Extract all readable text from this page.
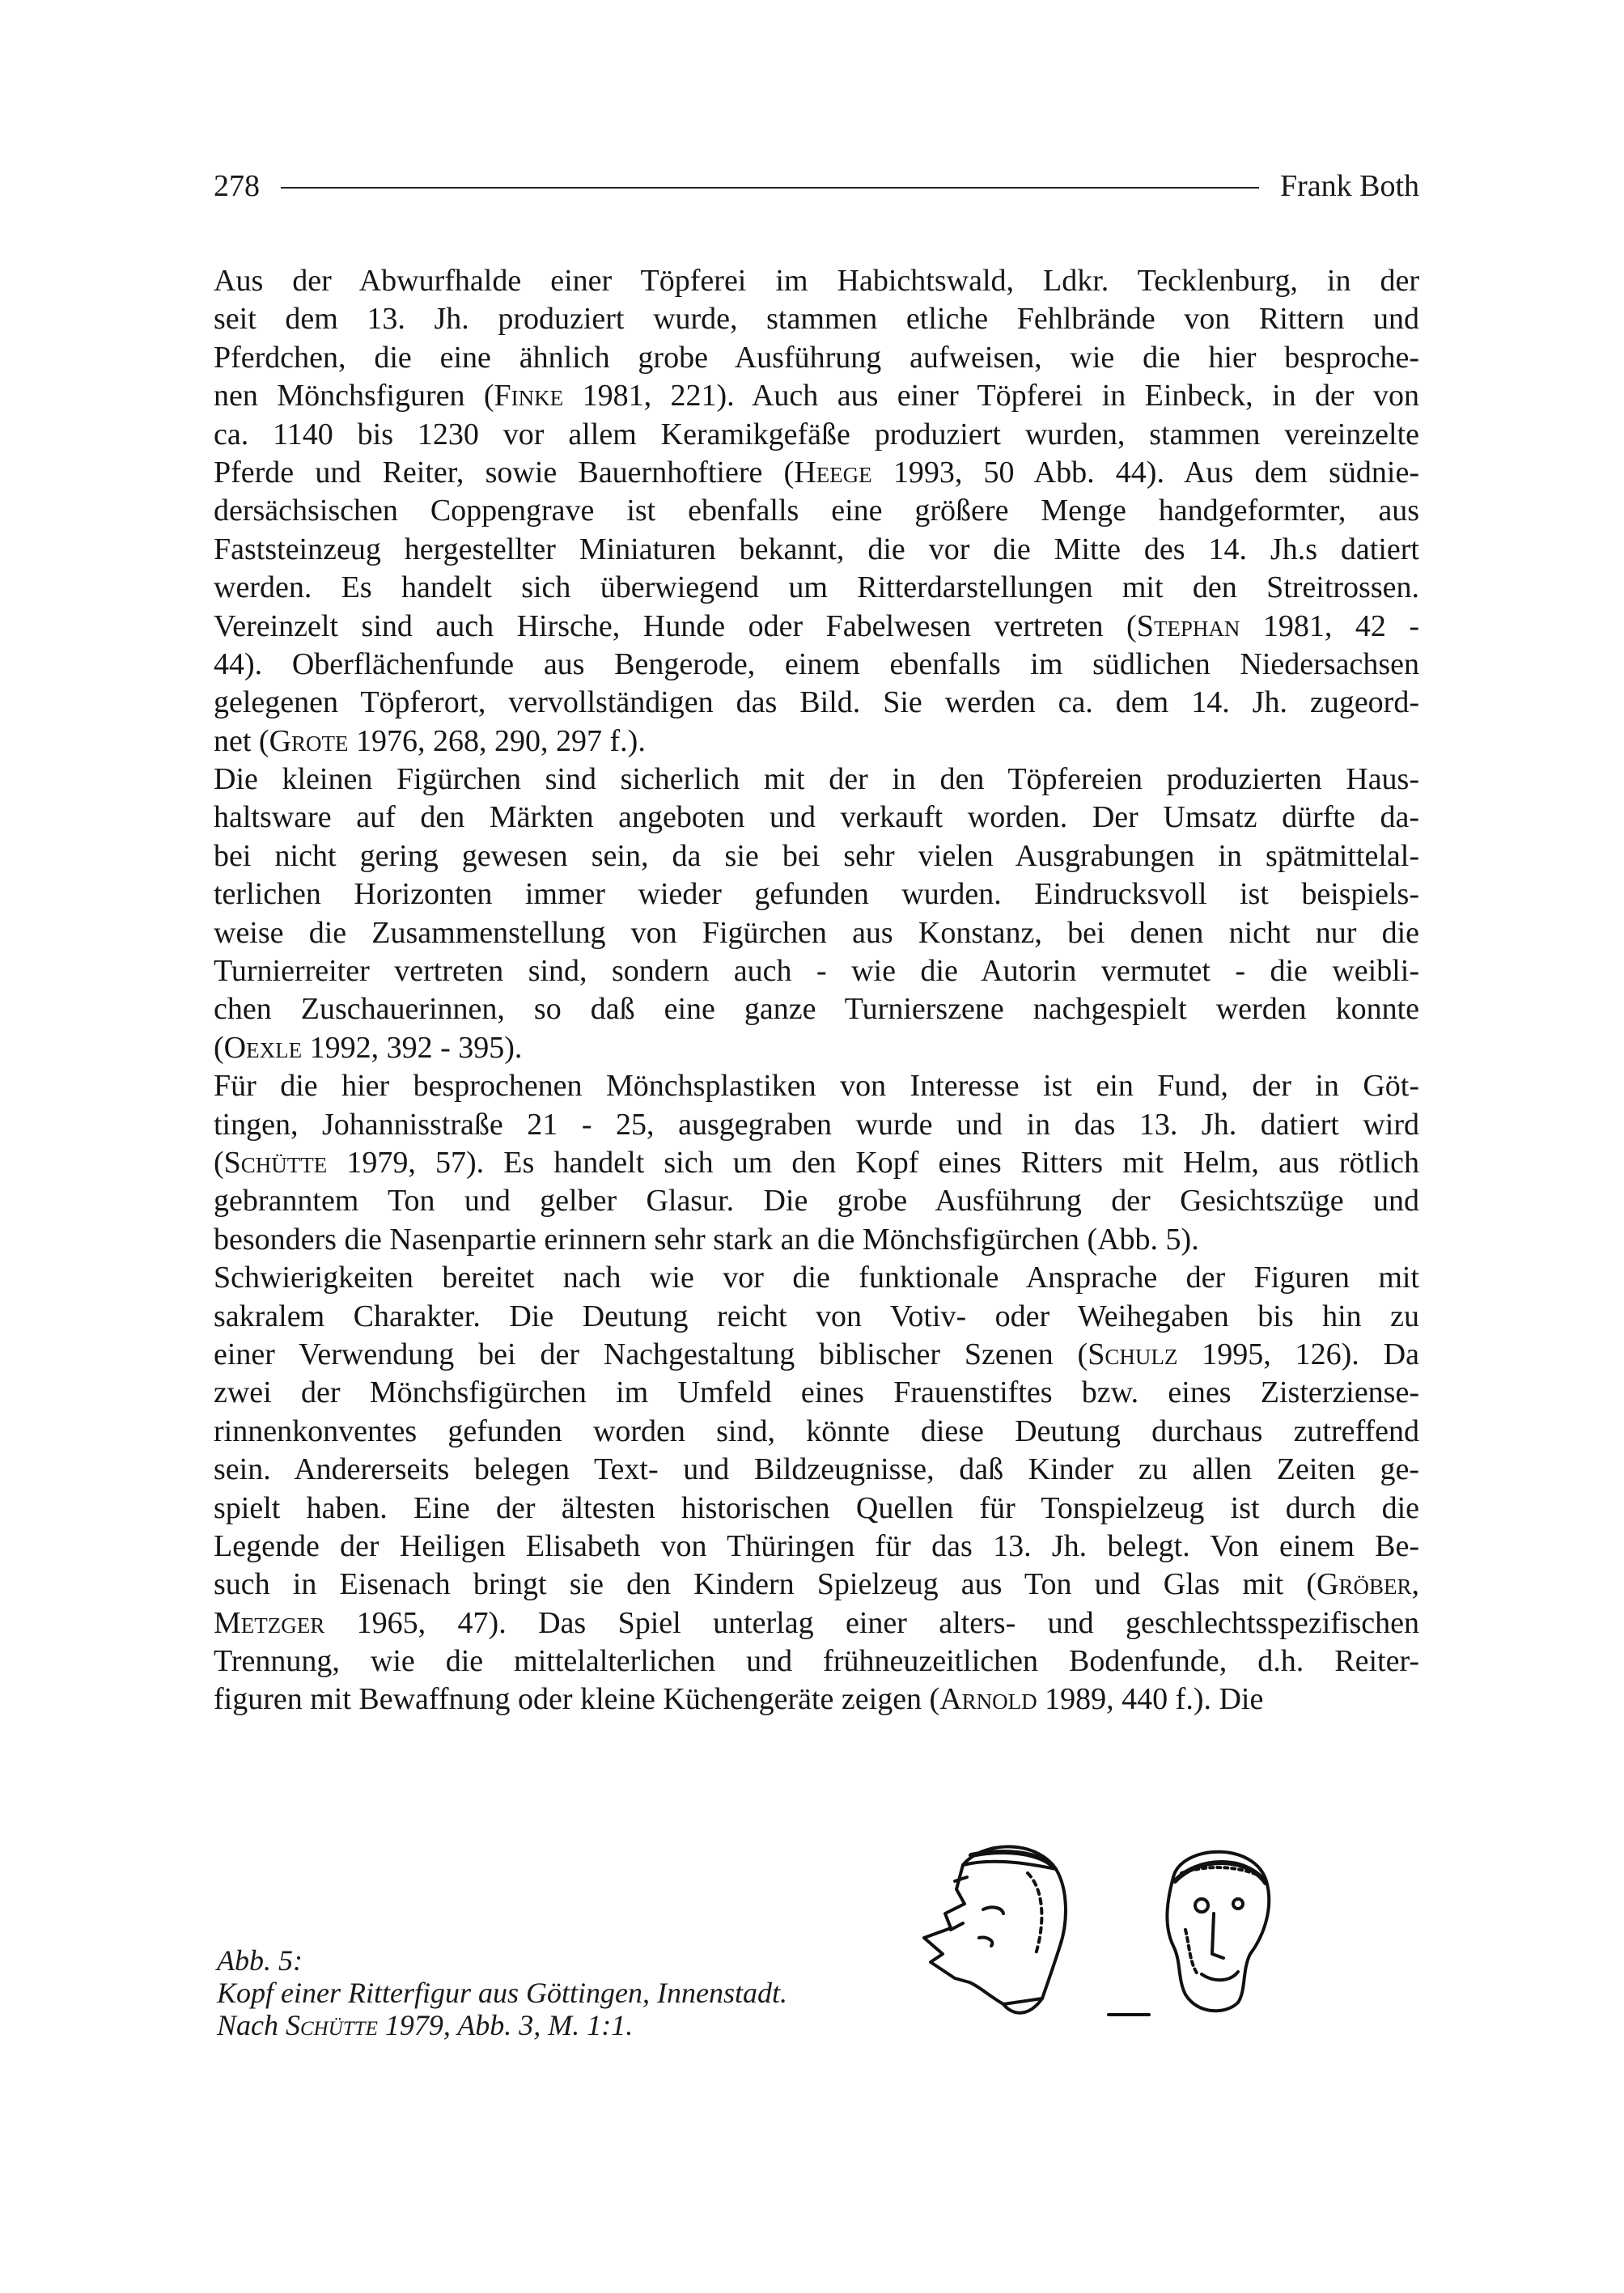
278	Frank Both
Aus der Abwurfhalde einer Töpferei im Habichtswald, Ldkr. Tecklenburg, in der
seit dem 13. Jh. produziert wurde, stammen etliche Fehlbrände von Rittern und
Pferdchen, die eine ähnlich grobe Ausführung aufweisen, wie die hier besproche-
nen Mönchsfiguren (Finke 1981, 221). Auch aus einer Töpferei in Einbeck, in der von
ca. 1140 bis 1230 vor allem Keramikgefäße produziert wurden, stammen vereinzelte
Pferde und Reiter, sowie Bauernhoftiere (Heege 1993, 50 Abb. 44). Aus dem südnie-
dersächsischen Coppengrave ist ebenfalls eine größere Menge handgeformter, aus
Faststeinzeug hergestellter Miniaturen bekannt, die vor die Mitte des 14. Jh.s datiert
werden. Es handelt sich überwiegend um Ritterdarstellungen mit den Streitrossen.
Vereinzelt sind auch Hirsche, Hunde oder Fabelwesen vertreten (Stephan 1981, 42 -
44). Oberflächenfunde aus Bengerode, einem ebenfalls im südlichen Niedersachsen
gelegenen Töpferort, vervollständigen das Bild. Sie werden ca. dem 14. Jh. zugeord-
net (Grote 1976, 268, 290, 297 f.).
Die kleinen Figürchen sind sicherlich mit der in den Töpfereien produzierten Haus-
haltsware auf den Märkten angeboten und verkauft worden. Der Umsatz dürfte da-
bei nicht gering gewesen sein, da sie bei sehr vielen Ausgrabungen in spätmittelal-
terlichen Horizonten immer wieder gefunden wurden. Eindrucksvoll ist beispiels-
weise die Zusammenstellung von Figürchen aus Konstanz, bei denen nicht nur die
Turnierreiter vertreten sind, sondern auch - wie die Autorin vermutet - die weibli-
chen Zuschauerinnen, so daß eine ganze Turnierszene nachgespielt werden konnte
(Oexle 1992, 392 - 395).
Für die hier besprochenen Mönchsplastiken von Interesse ist ein Fund, der in Göt-
tingen, Johannisstraße 21 - 25, ausgegraben wurde und in das 13. Jh. datiert wird
(Schütte 1979, 57). Es handelt sich um den Kopf eines Ritters mit Helm, aus rötlich
gebranntem Ton und gelber Glasur. Die grobe Ausführung der Gesichtszüge und
besonders die Nasenpartie erinnern sehr stark an die Mönchsfigürchen (Abb. 5).
Schwierigkeiten bereitet nach wie vor die funktionale Ansprache der Figuren mit
sakralem Charakter. Die Deutung reicht von Votiv- oder Weihegaben bis hin zu
einer Verwendung bei der Nachgestaltung biblischer Szenen (Schulz 1995, 126). Da
zwei der Mönchsfigürchen im Umfeld eines Frauenstiftes bzw. eines Zisterziense-
rinnenkonventes gefunden worden sind, könnte diese Deutung durchaus zutreffend
sein. Andererseits belegen Text- und Bildzeugnisse, daß Kinder zu allen Zeiten ge-
spielt haben. Eine der ältesten historischen Quellen für Tonspielzeug ist durch die
Legende der Heiligen Elisabeth von Thüringen für das 13. Jh. belegt. Von einem Be-
such in Eisenach bringt sie den Kindern Spielzeug aus Ton und Glas mit (Gröber,
Metzger 1965, 47). Das Spiel unterlag einer alters- und geschlechtsspezifischen
Trennung, wie die mittelalterlichen und frühneuzeitlichen Bodenfunde, d.h. Reiter-
figuren mit Bewaffnung oder kleine Küchengeräte zeigen (Arnold 1989, 440 f.). Die
Abb. 5:
Kopf einer Ritterfigur aus Göttingen, Innenstadt.
Nach Schütte 1979, Abb. 3, M. 1:1.
